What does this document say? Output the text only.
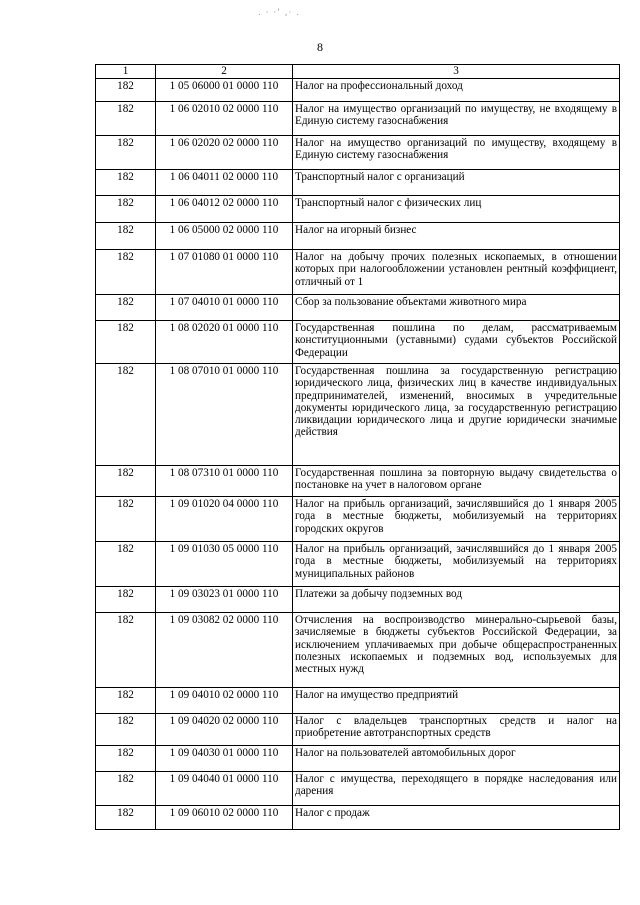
. · ·' ,· .
8
1	2	3
182	1 05 06000 01 0000 110	Налог на профессиональный доход
182	1 06 02010 02 0000 110	Налог на имущество организаций по имуществу, не входящему в Единую систему газоснабжения
182	1 06 02020 02 0000 110	Налог на имущество организаций по имуществу, входящему в Единую систему газоснабжения
182	1 06 04011 02 0000 110	Транспортный налог с организаций
182	1 06 04012 02 0000 110	Транспортный налог с физических лиц
182	1 06 05000 02 0000 110	Налог на игорный бизнес
182	1 07 01080 01 0000 110	Налог на добычу прочих полезных ископаемых, в отношении которых при налогообложении установлен рентный коэффициент, отличный от 1
182	1 07 04010 01 0000 110	Сбор за пользование объектами животного мира
182	1 08 02020 01 0000 110	Государственная пошлина по делам, рассматриваемым конституционными (уставными) судами субъектов Российской Федерации
182	1 08 07010 01 0000 110	Государственная пошлина за государственную регистрацию юридического лица, физических лиц в качестве индивидуальных предпринимателей, изменений, вносимых в учредительные документы юридического лица, за государственную регистрацию ликвидации юридического лица и другие юридически значимые действия
182	1 08 07310 01 0000 110	Государственная пошлина за повторную выдачу свидетельства о постановке на учет в налоговом органе
182	1 09 01020 04 0000 110	Налог на прибыль организаций, зачислявшийся до 1 января 2005 года в местные бюджеты, мобилизуемый на территориях городских округов
182	1 09 01030 05 0000 110	Налог на прибыль организаций, зачислявшийся до 1 января 2005 года в местные бюджеты, мобилизуемый на территориях муниципальных районов
182	1 09 03023 01 0000 110	Платежи за добычу подземных вод
182	1 09 03082 02 0000 110	Отчисления на воспроизводство минерально-сырьевой базы, зачисляемые в бюджеты субъектов Российской Федерации, за исключением уплачиваемых при добыче общераспространенных полезных ископаемых и подземных вод, используемых для местных нужд
182	1 09 04010 02 0000 110	Налог на имущество предприятий
182	1 09 04020 02 0000 110	Налог с владельцев транспортных средств и налог на приобретение автотранспортных средств
182	1 09 04030 01 0000 110	Налог на пользователей автомобильных дорог
182	1 09 04040 01 0000 110	Налог с имущества, переходящего в порядке наследования или дарения
182	1 09 06010 02 0000 110	Налог с продаж
